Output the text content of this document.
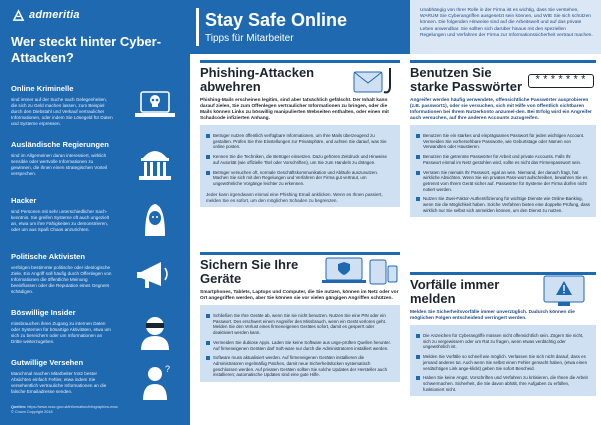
admeritia
Wer steckt hinter Cyber-Attacken?
Online Kriminelle

sind immer auf der Suche nach Gelegenheiten, die sich zu Geld machen lassen, zum Beispiel durch den Diebstahl und Verkauf vertraulicher Informationen, oder indem Sie Lösegeld für Daten und Systeme erpressen.

Ausländische Regierungen

sind im Allgemeinen daran interessiert, wirklich sensible oder wertvolle Informationen zu gewinnen, die ihnen einen strategischen Vorteil verspechen.

Hacker

sind Personen mit sehr unterschiedlicher Sach-kenntnis. Sie greifen Systeme oft auch ungezielt an, etwa um ihre Fähigkeiten zu demonstrieren, oder um aus Spaß Chaos anzurichten.

Politische Aktivisten

verfolgen bestimmte politische oder ideologische Ziele. Ein Angriff soll häufig durch Offenlegen von Informationen die öffentliche Meinung beeinflussen oder die Reputation eines Gegners schädigen.

Böswillige Insider

missbrauchen ihren Zugang zu internen Daten oder Systemen für bösartige Aktivitäten, etwa um sich zu bereichern oder um Informationen an Dritte weiterzugeben.

Gutwillige Versehen

Manchmal machen Mitarbeiter trotz bester Absichten einfach Fehler, etwa indem Sie versehentlich vertrauliche Informationen an die falsche Emailadresse senden.

?
Quellen: https://www.ncsc.gov.uk/information/infographics-ncsc
© Crown Copyright 2018
Stay Safe Online
Tipps für Mitarbeiter
Unabhängig von Ihrer Rolle in der Firma ist es wichtig, dass Sie verstehen, WARUM Sie Cyberangriffen ausgesetzt sein können, und WIE Sie sich schützen können. Die folgenden Hinweise sind auf die Arbeitswelt und auf das private Leben anwendbar. Sie sollten sich darüber hinaus mit den speziellen Regelungen und Verfahren der Firma zur Informationssicherheit vertraut machen.
Phishing-Attacken abwehren
Phishing-Mails erscheinen legitim, sind aber tatsächlich gefälscht. Der Inhalt kann darauf zielen, Sie zum Offenlegen vertraulicher Informationen zu bringen, oder die Mails können Links zu böswillig manipulierten Webseiten enthalten, oder einen mit Schadcode infizierten Anhang.
Betrüger nutzen öffentlich verfügbare Informationen, um Ihre Mails überzeugend zu gestalten. Prüfen Sie Ihre Einstellungen zur Privatsphäre, und achten Sie darauf, was Sie online posten.
Kennen Sie die Techniken, die Betrüger einsetzen. Dazu gehören Zeitdruck und Hinweise auf Autorität (wie offizielle Titel oder Vorschriften), um Sie zum Handeln zu drängen.
Betrüger versuchen oft, normale Geschäftskommunikation und Abläufe auszunutzen. Machen Sie sich mit den Regelungen und Verfahren der Firma gut vertraut, um ungewöhnliche Vorgänge leichter zu erkennen.
Jeder kann irgendwann einmal eine Phishing Email anklicken. Wenn es Ihnen passiert, melden Sie es sofort, um den möglichen Schaden zu begrenzen.
Sichern Sie Ihre Geräte
Smartphones, Tablets, Laptops und Computer, die Sie nutzen, können im Netz oder vor Ort angegriffen werden, aber Sie können sie vor vielen gängigen Angriffen schützen.
Schließen Sie Ihre Geräte ab, wenn Sie sie nicht benutzen. Nutzen Sie eine PIN oder ein Passwort. Des erschwert einem Angreifer den Missbrauch, wenn ein Gerät verloren geht. Melden Sie den Verlust eines firmeneigenen Gerätes sofort, damit es gesperrt oder deaktiviert werden kann.
Vermeiden Sie dubiose Apps. Laden Sie keine Software aus unge-prüften Quellen herunter. Auf firmeneigenen Geräten darf Soft-ware nur durch die Administratoren installiert werden.
Software muss aktualisiert werden. Auf firmeneigenen Geräten installieren die Administratoren regelmäßig Patches, damit neue Sicherheitslücken systematisch geschlossen werden. Auf privaten Geräten sollten Sie solche Updates der Hersteller auch installieren; automatische Updates sind eine gute Hilfe.
Benutzen Sie starke Passwörter	*******
Angreifer werden häufig verwendete, offensichtliche Passwörter ausprobieren (z.B. passwort1), oder sie versuchen, sich mit Hilfe von öffentlich sichtbaren Informationen bei Ihrem Nutzerkonto anzumel-den. Bei Erfolg wird ein Angreifer auch versuchen, auf Ihre anderen Accounts zuzugreifen.
Benutzen Sie ein starkes und einprägsames Passwort für jeden wichtigen Account. Vermeiden Sie vorhersehbare Passworte, wie Geburtstage oder Namen von Verwandten oder Haustieren.
Benutzen Sie getrennte Passwörter für Arbeit und private Accounts. Falls Ihr Passwort einmal im Netz gestohlen wird, sollte es nicht das Firmenpasswort sein.
Verraten Sie niemals Ihr Passwort, egal an wen. Niemand, der danach fragt, hat wirkliche Absichten. Wenn Sie ein privates Pass-wort aufschreiben, bewahren Sie es getrennt vom Ihrem Gerät sicher auf. Passwörter für Systeme der Firma dürfen nicht notiert werden.
Nutzen Sie Zwei-Faktor-Authentifizierung für wichtige Dienste wie Online-Banking, wenn Sie die Möglichkeit haben. Solche Verfahren bieten eine doppelte Prüfung, dass wirklich nur Sie selbst sich anmelden können, um den Dienst zu nutzen.
Vorfälle immer melden
Melden Sie Sicherheitsvorfälle immer unverzüglich. Dadurch können die möglichen Folgen entscheidend verringert werden.
Die Anzeichen für Cyberangriffe müssen nicht offensichtlich sein. Zögern Sie nicht, sich zu vergewissern oder um Rat zu fragen, wenn etwas verdächtig oder ungewöhnlich ist.
Melden Sie Vorfälle so schnell wie möglich. Verlassen Sie sich nicht darauf, dass es jemand anderes tut. Auch wenn Sie selbst einen Fehler gemacht haben, (etwa einen verdächtigen Link ange-klickt) geben Sie sofort Bescheid.
Haben Sie keine Angst, Vorschriften und Verfahren zu kritisieren, die Ihnen die Arbeit schwermachen. Sicherheit, die Sie davon abhält, Ihre Aufgaben zu erfüllen, funktioniert nicht.
